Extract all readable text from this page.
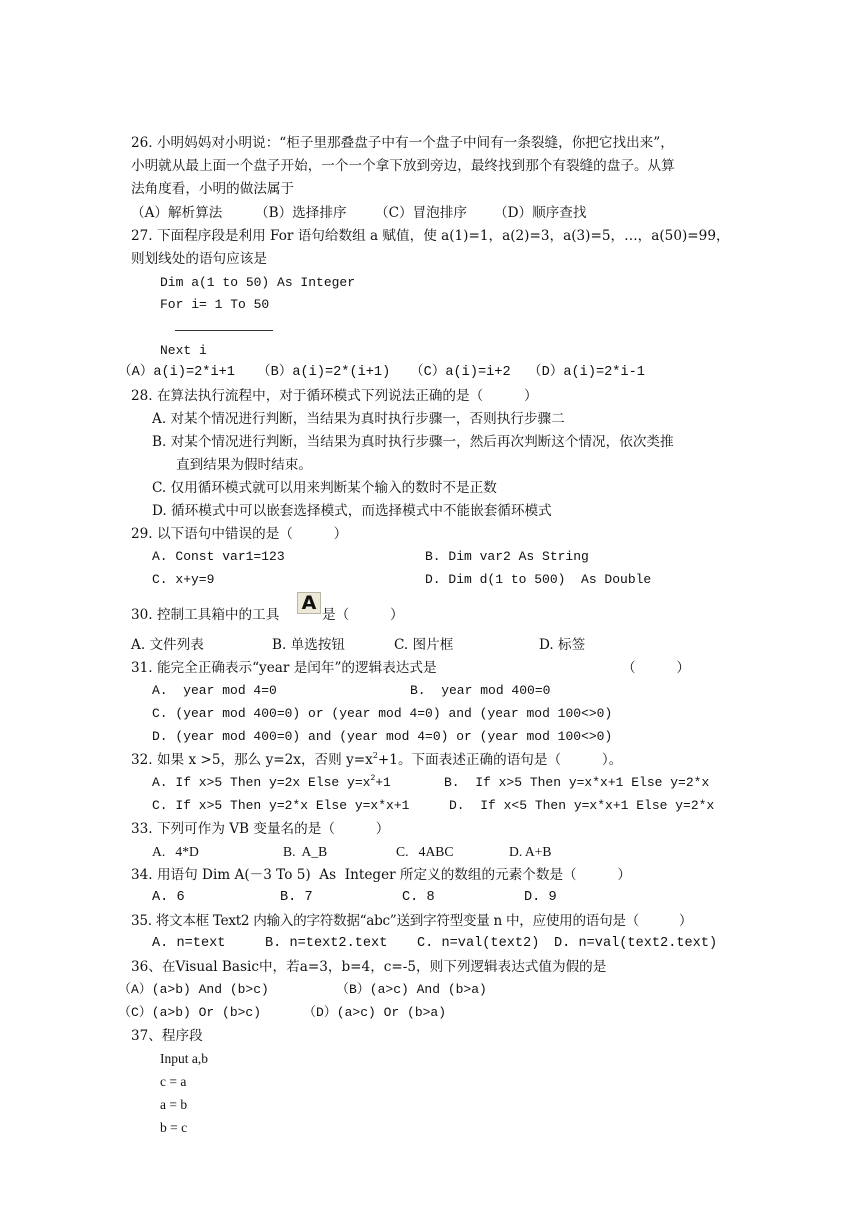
26. 小明妈妈对小明说：“柜子里那叠盘子中有一个盘子中间有一条裂缝，你把它找出来”，
小明就从最上面一个盘子开始，一个一个拿下放到旁边，最终找到那个有裂缝的盘子。从算
法角度看，小明的做法属于
（A）解析算法 （B）选择排序 （C）冒泡排序 （D）顺序查找
27. 下面程序段是利用 For 语句给数组 a 赋值，使 a(1)=1，a(2)=3，a(3)=5，…，a(50)=99，
则划线处的语句应该是
Dim a(1 to 50) As Integer
For i= 1 To 50
Next i
（A）a(i)=2*i+1 （B）a(i)=2*(i+1) （C）a(i)=i+2 （D）a(i)=2*i-1
28. 在算法执行流程中，对于循环模式下列说法正确的是（　　　）
A. 对某个情况进行判断，当结果为真时执行步骤一，否则执行步骤二
B. 对某个情况进行判断，当结果为真时执行步骤一，然后再次判断这个情况，依次类推
直到结果为假时结束。
C. 仅用循环模式就可以用来判断某个输入的数时不是正数
D. 循环模式中可以嵌套选择模式，而选择模式中不能嵌套循环模式
29. 以下语句中错误的是（　　　）
A. Const var1=123	B. Dim var2 As String
C. x+y=9	D. Dim d(1 to 500)  As Double
30. 控制工具箱中的工具
A
是（　　　）
A. 文件列表	B. 单选按钮	C. 图片框	D. 标签
31. 能完全正确表示“year 是闰年”的逻辑表达式是	（　　　）
A.  year mod 4=0	B.  year mod 400=0
C. (year mod 400=0) or (year mod 4=0) and (year mod 100<>0)
D. (year mod 400=0) and (year mod 4=0) or (year mod 100<>0)
32. 如果 x >5，那么 y=2x，否则 $y=x^2+1$。下面表述正确的语句是（　　　）。
A. If x>5 Then y=2x Else $y=x^2+1$	B.  If x>5 Then y=x*x+1 Else y=2*x
C. If x>5 Then y=2*x Else y=x*x+1	D.  If x<5 Then y=x*x+1 Else y=2*x
33. 下列可作为 VB 变量名的是（　　　）
A.   4*D	B.  A_B	C.   4ABC	D. A+B
34. 用语句 Dim A(－3 To 5)  As  Integer 所定义的数组的元素个数是（　　　）
A. 6	B. 7	C. 8	D. 9
35. 将文本框 Text2 内输入的字符数据“abc”送到字符型变量 n 中，应使用的语句是（　　　）
A. n=text	B. n=text2.text C. n=val(text2) D. n=val(text2.text)
36、在Visual Basic中，若a=3，b=4，c=-5，则下列逻辑表达式值为假的是
（A）(a>b) And (b>c)	（B）(a>c) And (b>a)
（C）(a>b) Or (b>c)	（D）(a>c) Or (b>a)
37、程序段
Input a,b
c = a
a = b
b = c
